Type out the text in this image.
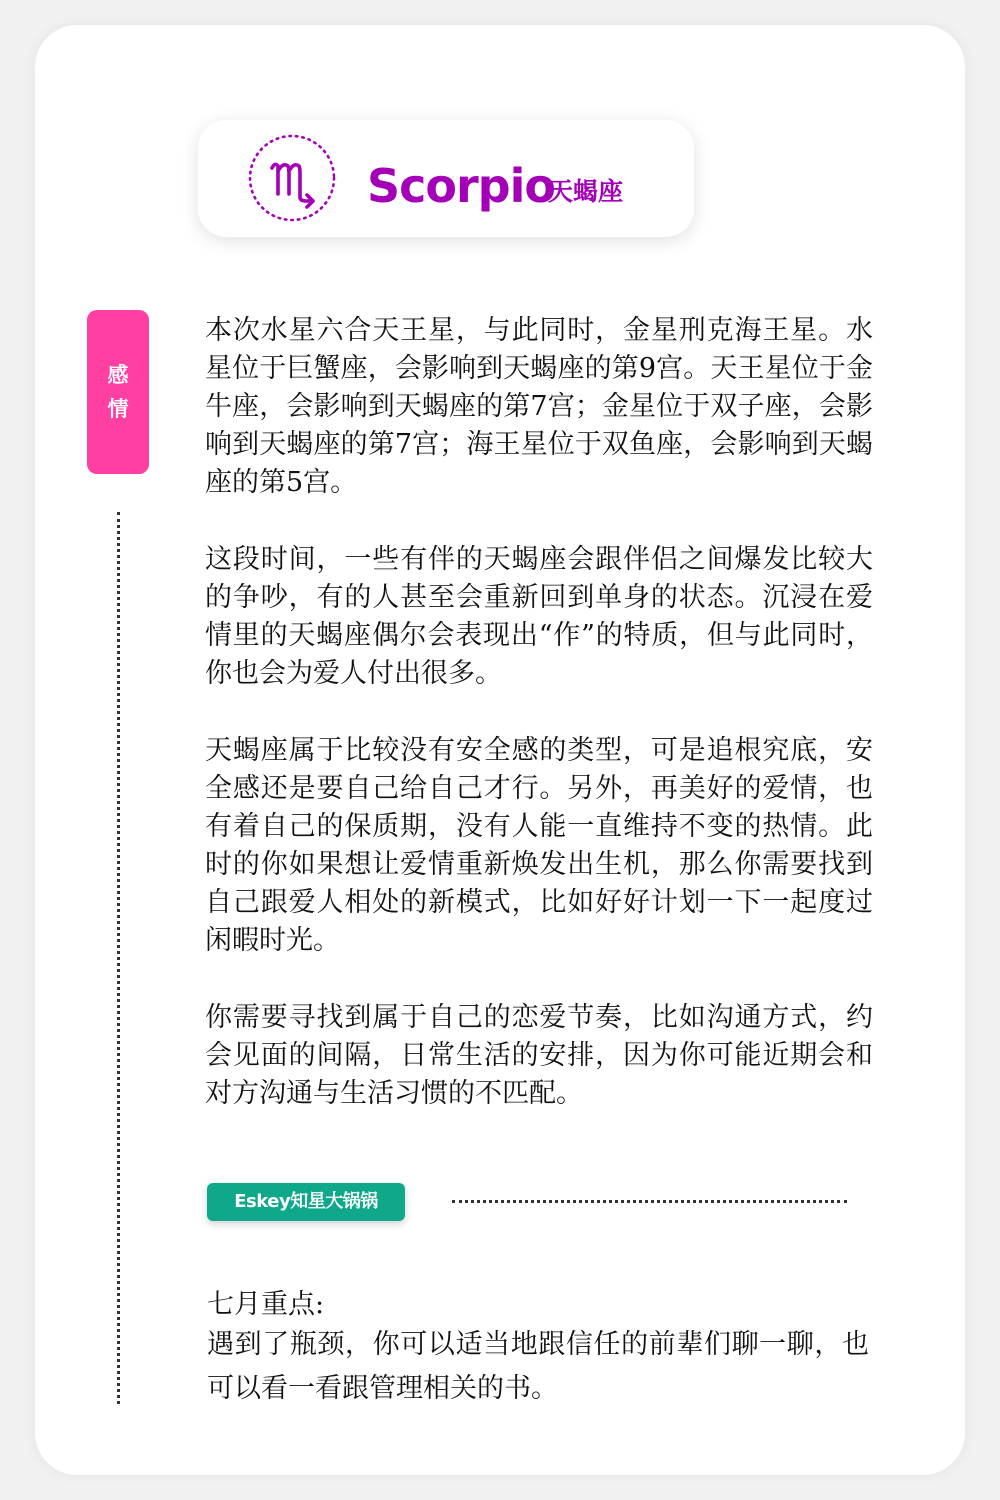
Scorpio
天蝎座
感情

本次水星六合天王星，与此同时，金星刑克海王星。水星位于巨蟹座，会影响到天蝎座的第9宫。天王星位于金牛座，会影响到天蝎座的第7宫；金星位于双子座，会影响到天蝎座的第7宫；海王星位于双鱼座，会影响到天蝎座的第5宫。

这段时间，一些有伴的天蝎座会跟伴侣之间爆发比较大的争吵，有的人甚至会重新回到单身的状态。沉浸在爱情里的天蝎座偶尔会表现出“作”的特质，但与此同时，你也会为爱人付出很多。

天蝎座属于比较没有安全感的类型，可是追根究底，安全感还是要自己给自己才行。另外，再美好的爱情，也有着自己的保质期，没有人能一直维持不变的热情。此时的你如果想让爱情重新焕发出生机，那么你需要找到自己跟爱人相处的新模式，比如好好计划一下一起度过闲暇时光。

你需要寻找到属于自己的恋爱节奏，比如沟通方式，约会见面的间隔，日常生活的安排，因为你可能近期会和对方沟通与生活习惯的不匹配。

Eskey知星大锅锅
七月重点:
遇到了瓶颈，你可以适当地跟信任的前辈们聊一聊，也可以看一看跟管理相关的书。
